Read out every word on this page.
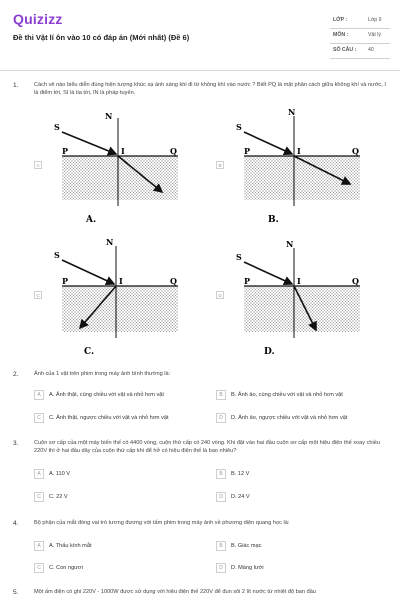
Quizizz
Đề thi Vật lí ôn vào 10 có đáp án (Mới nhất) (Đề 6)
LỚP :	Lớp 9
MÔN :	Vật lý
SỐ CÂU : 40
1.	Cách vẽ nào biểu diễn đúng hiện tượng khúc xạ ánh sáng khi đi từ không khí vào nước ? Biết PQ là mặt phân cách giữa không khí và nước, I là điểm tới, SI là tia tới, IN là pháp tuyến.
A	B
C	D
S
N
P	I	Q
A.
S
N
P	I	Q
B.
S
N
P	I	Q
C.
S
N
P	I	Q
D.
2.	Ảnh của 1 vật trên phim trong máy ảnh bình thường là:
A	A. Ảnh thật, cùng chiều với vật và nhỏ hơn vật	B	B. Ảnh ảo, cùng chiều với vật và nhỏ hơn vật
C	C. Ảnh thật, ngược chiều với vật và nhỏ hơn vật	D	D. Ảnh ảo, ngược chiều với vật và nhỏ hơn vật
3.	Cuộn sơ cấp của một máy biến thế có 4400 vòng, cuộn thứ cấp có 240 vòng. Khi đặt vào hai đầu cuộn sơ cấp một hiệu điện thế xoay chiều 220V thì ở hai đầu dây của cuộn thứ cấp khi để hở có hiệu điện thế là bao nhiêu?
A	A. 110 V	B	B. 12 V
C	C. 22 V	D	D. 24 V
4.	Bộ phận của mắt đóng vai trò tương đương với tấm phim trong máy ảnh về phương diện quang học là:
A	A. Thấu kính mắt	B	B. Giác mạc
C	C. Con ngươi	D	D. Màng lưới
5.	Một ấm điện có ghi 220V - 1000W được sử dụng với hiệu điện thế 220V để đun sôi 2 lít nước từ nhiệt độ ban đầu
